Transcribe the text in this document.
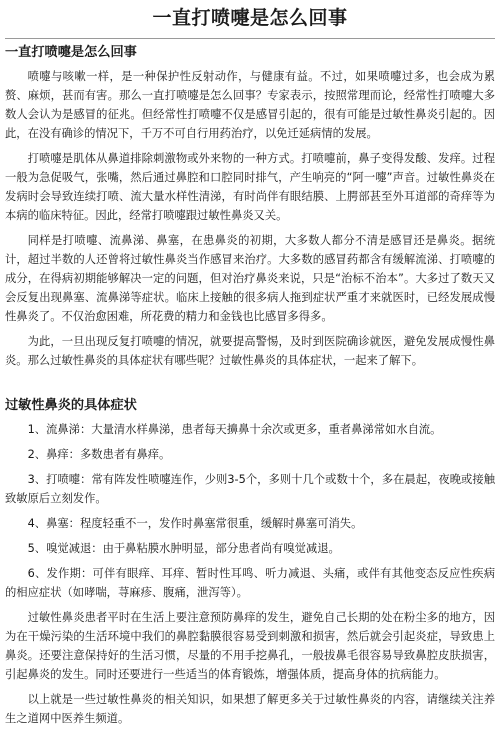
一直打喷嚏是怎么回事
一直打喷嚏是怎么回事

喷嚏与咳嗽一样，是一种保护性反射动作，与健康有益。不过，如果喷嚏过多，也会成为累赘、麻烦，甚而有害。那么一直打喷嚏是怎么回事？专家表示，按照常理而论，经常性打喷嚏大多数人会认为是感冒的征兆。但经常性打喷嚏不仅是感冒引起的，很有可能是过敏性鼻炎引起的。因此，在没有确诊的情况下，千万不可自行用药治疗，以免迁延病情的发展。

打喷嚏是肌体从鼻道排除刺激物或外来物的一种方式。打喷嚏前，鼻子变得发酸、发痒。过程一般为急促吸气，张嘴，然后通过鼻腔和口腔同时排气，产生响亮的“阿一嚏”声音。过敏性鼻炎在发病时会导致连续打喷、流大量水样性清涕，有时尚伴有眼结膜、上腭部甚至外耳道部的奇痒等为本病的临床特征。因此，经常打喷嚏跟过敏性鼻炎又关。

同样是打喷嚏、流鼻涕、鼻塞，在患鼻炎的初期，大多数人都分不清是感冒还是鼻炎。据统计，超过半数的人还曾将过敏性鼻炎当作感冒来治疗。大多数的感冒药都含有缓解流涕、打喷嚏的成分，在得病初期能够解决一定的问题，但对治疗鼻炎来说，只是“治标不治本”。大多过了数天又会反复出现鼻塞、流鼻涕等症状。临床上接触的很多病人拖到症状严重才来就医时，已经发展成慢性鼻炎了。不仅治愈困难，所花费的精力和金钱也比感冒多得多。

为此，一旦出现反复打喷嚏的情况，就要提高警惕，及时到医院确诊就医，避免发展成慢性鼻炎。那么过敏性鼻炎的具体症状有哪些呢？过敏性鼻炎的具体症状，一起来了解下。

过敏性鼻炎的具体症状

1、流鼻涕：大量清水样鼻涕，患者每天擤鼻十余次或更多，重者鼻涕常如水自流。

2、鼻痒：多数患者有鼻痒。

3、打喷嚏：常有阵发性喷嚏连作，少则3-5个，多则十几个或数十个，多在晨起，夜晚或接触致敏原后立刻发作。

4、鼻塞：程度轻重不一，发作时鼻塞常很重，缓解时鼻塞可消失。

5、嗅觉减退：由于鼻粘膜水肿明显，部分患者尚有嗅觉减退。

6、发作期：可伴有眼痒、耳痒、暂时性耳鸣、听力减退、头痛，或伴有其他变态反应性疾病的相应症状（如哮喘，荨麻疹、腹痛，泄泻等）。

过敏性鼻炎患者平时在生活上要注意预防鼻痒的发生，避免自己长期的处在粉尘多的地方，因为在干燥污染的生活环境中我们的鼻腔黏膜很容易受到刺激和损害，然后就会引起炎症，导致患上鼻炎。还要注意保持好的生活习惯，尽量的不用手挖鼻孔，一般拔鼻毛很容易导致鼻腔皮肤损害，引起鼻炎的发生。同时还要进行一些适当的体育锻炼，增强体质，提高身体的抗病能力。

以上就是一些过敏性鼻炎的相关知识，如果想了解更多关于过敏性鼻炎的内容，请继续关注养生之道网中医养生频道。
